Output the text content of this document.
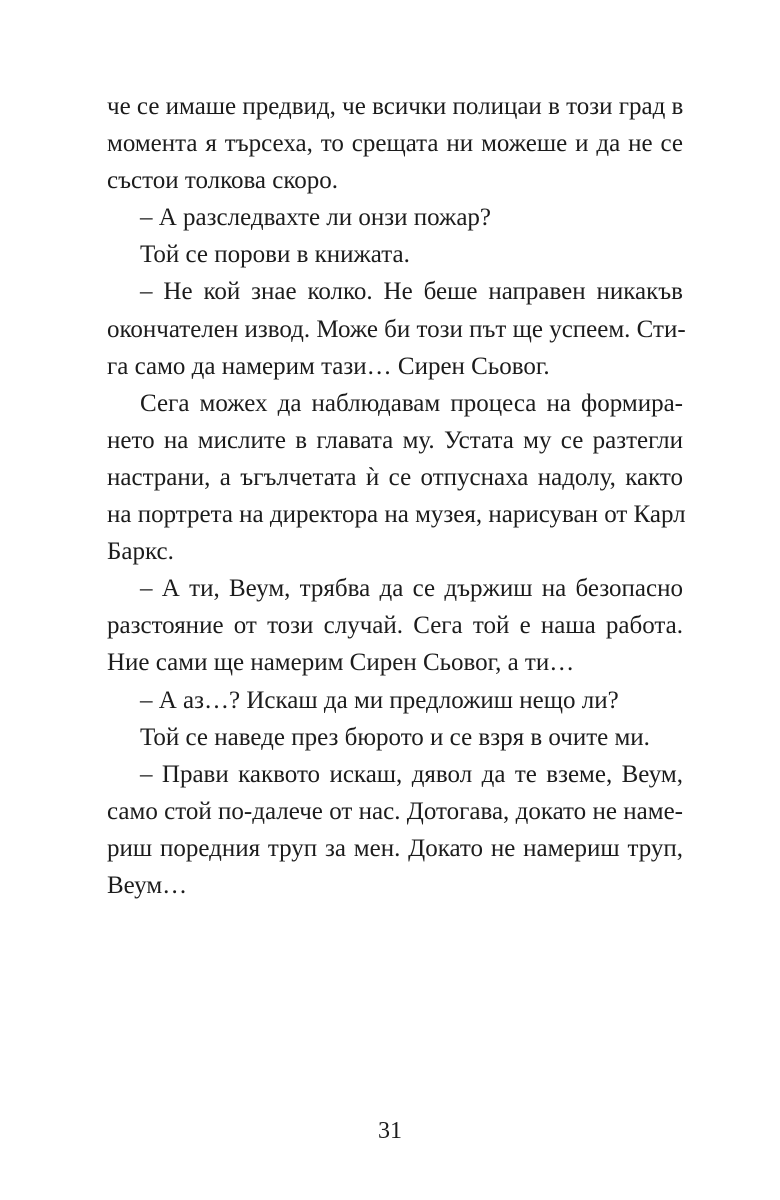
че се имаше предвид, че всички полицаи в този град в
момента я търсеха, то срещата ни можеше и да не се
състои толкова скоро.
– А разследвахте ли онзи пожар?
Той се порови в книжата.
– Не кой знае колко. Не беше направен никакъв
окончателен извод. Може би този път ще успеем. Сти-
га само да намерим тази… Сирен Сьовог.
Сега можех да наблюдавам процеса на формира-
нето на мислите в главата му. Устата му се разтегли
настрани, а ъгълчетата ѝ се отпуснаха надолу, както
на портрета на директора на музея, нарисуван от Карл
Баркс.
– А ти, Веум, трябва да се държиш на безопасно
разстояние от този случай. Сега той е наша работа.
Ние сами ще намерим Сирен Сьовог, а ти…
– А аз…? Искаш да ми предложиш нещо ли?
Той се наведе през бюрото и се взря в очите ми.
– Прави каквото искаш, дявол да те вземе, Веум,
само стой по-далече от нас. Дотогава, докато не наме-
риш поредния труп за мен. Докато не намериш труп,
Веум…
31
